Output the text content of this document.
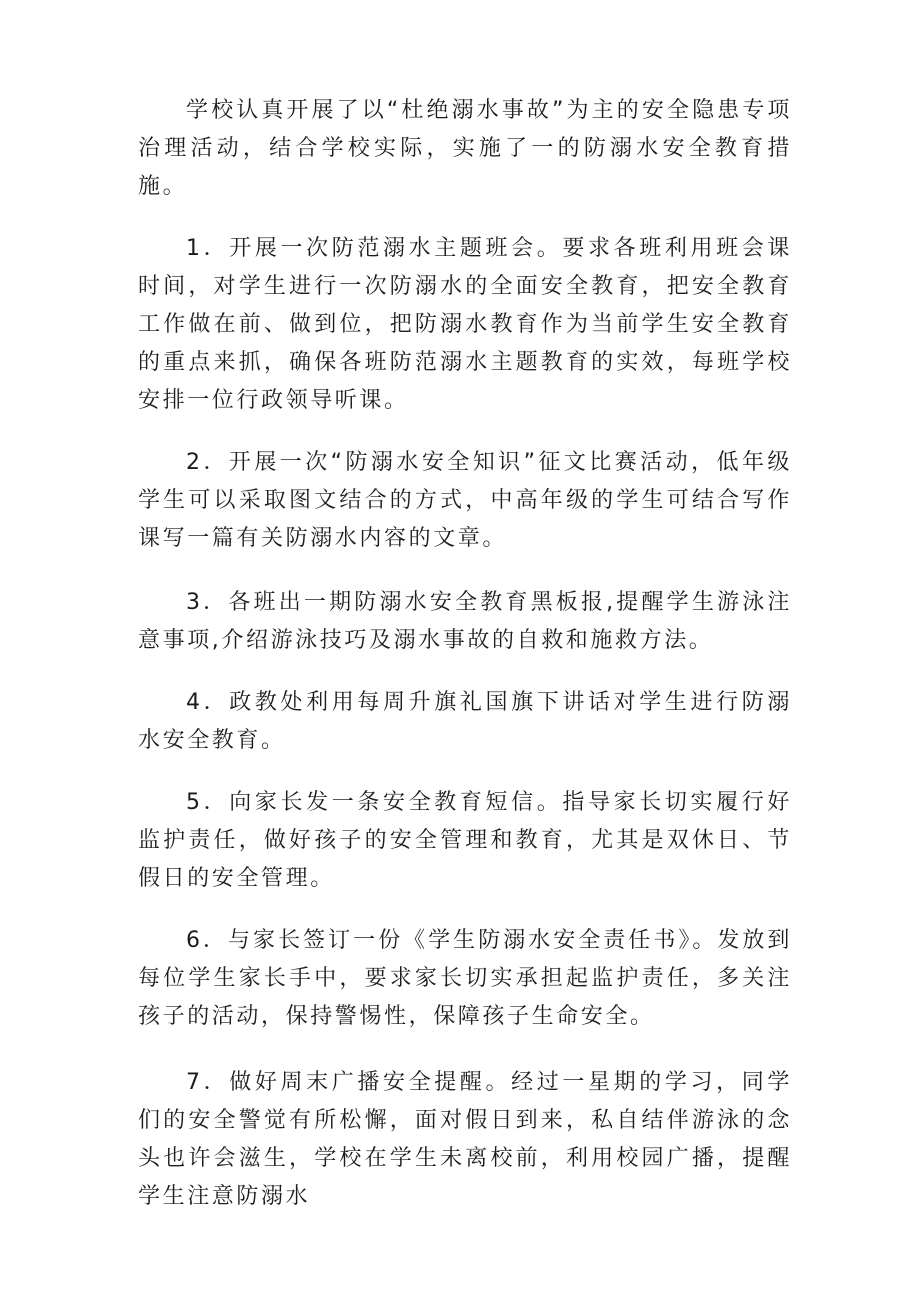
学校认真开展了以“杜绝溺水事故”为主的安全隐患专项治理活动，结合学校实际，实施了一的防溺水安全教育措施。

1．开展一次防范溺水主题班会。要求各班利用班会课时间，对学生进行一次防溺水的全面安全教育，把安全教育工作做在前、做到位，把防溺水教育作为当前学生安全教育的重点来抓，确保各班防范溺水主题教育的实效，每班学校安排一位行政领导听课。

2．开展一次“防溺水安全知识”征文比赛活动，低年级学生可以采取图文结合的方式，中高年级的学生可结合写作课写一篇有关防溺水内容的文章。

3．各班出一期防溺水安全教育黑板报,提醒学生游泳注意事项,介绍游泳技巧及溺水事故的自救和施救方法。

4．政教处利用每周升旗礼国旗下讲话对学生进行防溺水安全教育。

5．向家长发一条安全教育短信。指导家长切实履行好监护责任，做好孩子的安全管理和教育，尤其是双休日、节假日的安全管理。

6．与家长签订一份《学生防溺水安全责任书》。发放到每位学生家长手中，要求家长切实承担起监护责任，多关注孩子的活动，保持警惕性，保障孩子生命安全。

7．做好周末广播安全提醒。经过一星期的学习，同学们的安全警觉有所松懈，面对假日到来，私自结伴游泳的念头也许会滋生，学校在学生未离校前，利用校园广播，提醒学生注意防溺水
